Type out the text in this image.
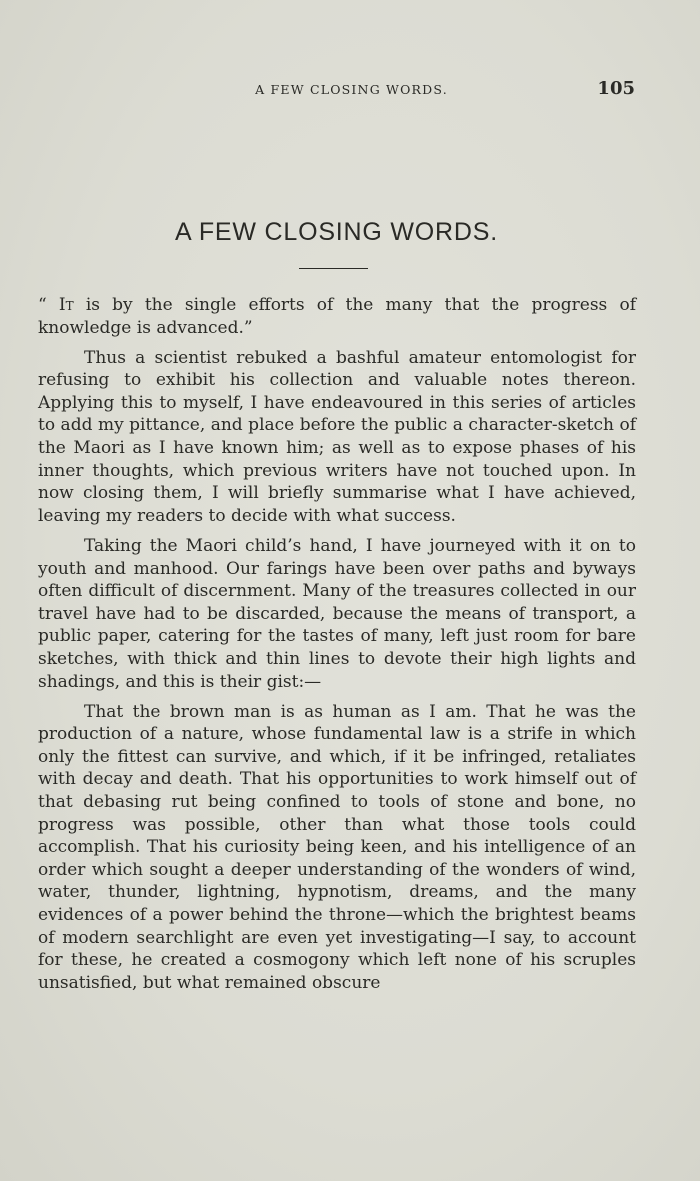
A FEW CLOSING WORDS.	105
A FEW CLOSING WORDS.

“ It is by the single efforts of the many that the progress of knowledge is advanced.”

Thus a scientist rebuked a bashful amateur entomologist for refusing to exhibit his collection and valuable notes thereon. Applying this to myself, I have endeavoured in this series of articles to add my pittance, and place before the public a character-sketch of the Maori as I have known him; as well as to expose phases of his inner thoughts, which previous writers have not touched upon. In now closing them, I will briefly summarise what I have achieved, leaving my readers to decide with what success.

Taking the Maori child’s hand, I have journeyed with it on to youth and manhood. Our farings have been over paths and byways often difficult of discernment. Many of the treasures collected in our travel have had to be discarded, because the means of transport, a public paper, catering for the tastes of many, left just room for bare sketches, with thick and thin lines to devote their high lights and shadings, and this is their gist:—

That the brown man is as human as I am. That he was the production of a nature, whose fundamental law is a strife in which only the fittest can survive, and which, if it be infringed, retaliates with decay and death. That his opportunities to work himself out of that debasing rut being confined to tools of stone and bone, no progress was possible, other than what those tools could accomplish. That his curiosity being keen, and his intelligence of an order which sought a deeper understanding of the wonders of wind, water, thunder, lightning, hypnotism, dreams, and the many evidences of a power behind the throne—which the brightest beams of modern searchlight are even yet investigating—I say, to account for these, he created a cosmogony which left none of his scruples unsatisfied, but what remained obscure
